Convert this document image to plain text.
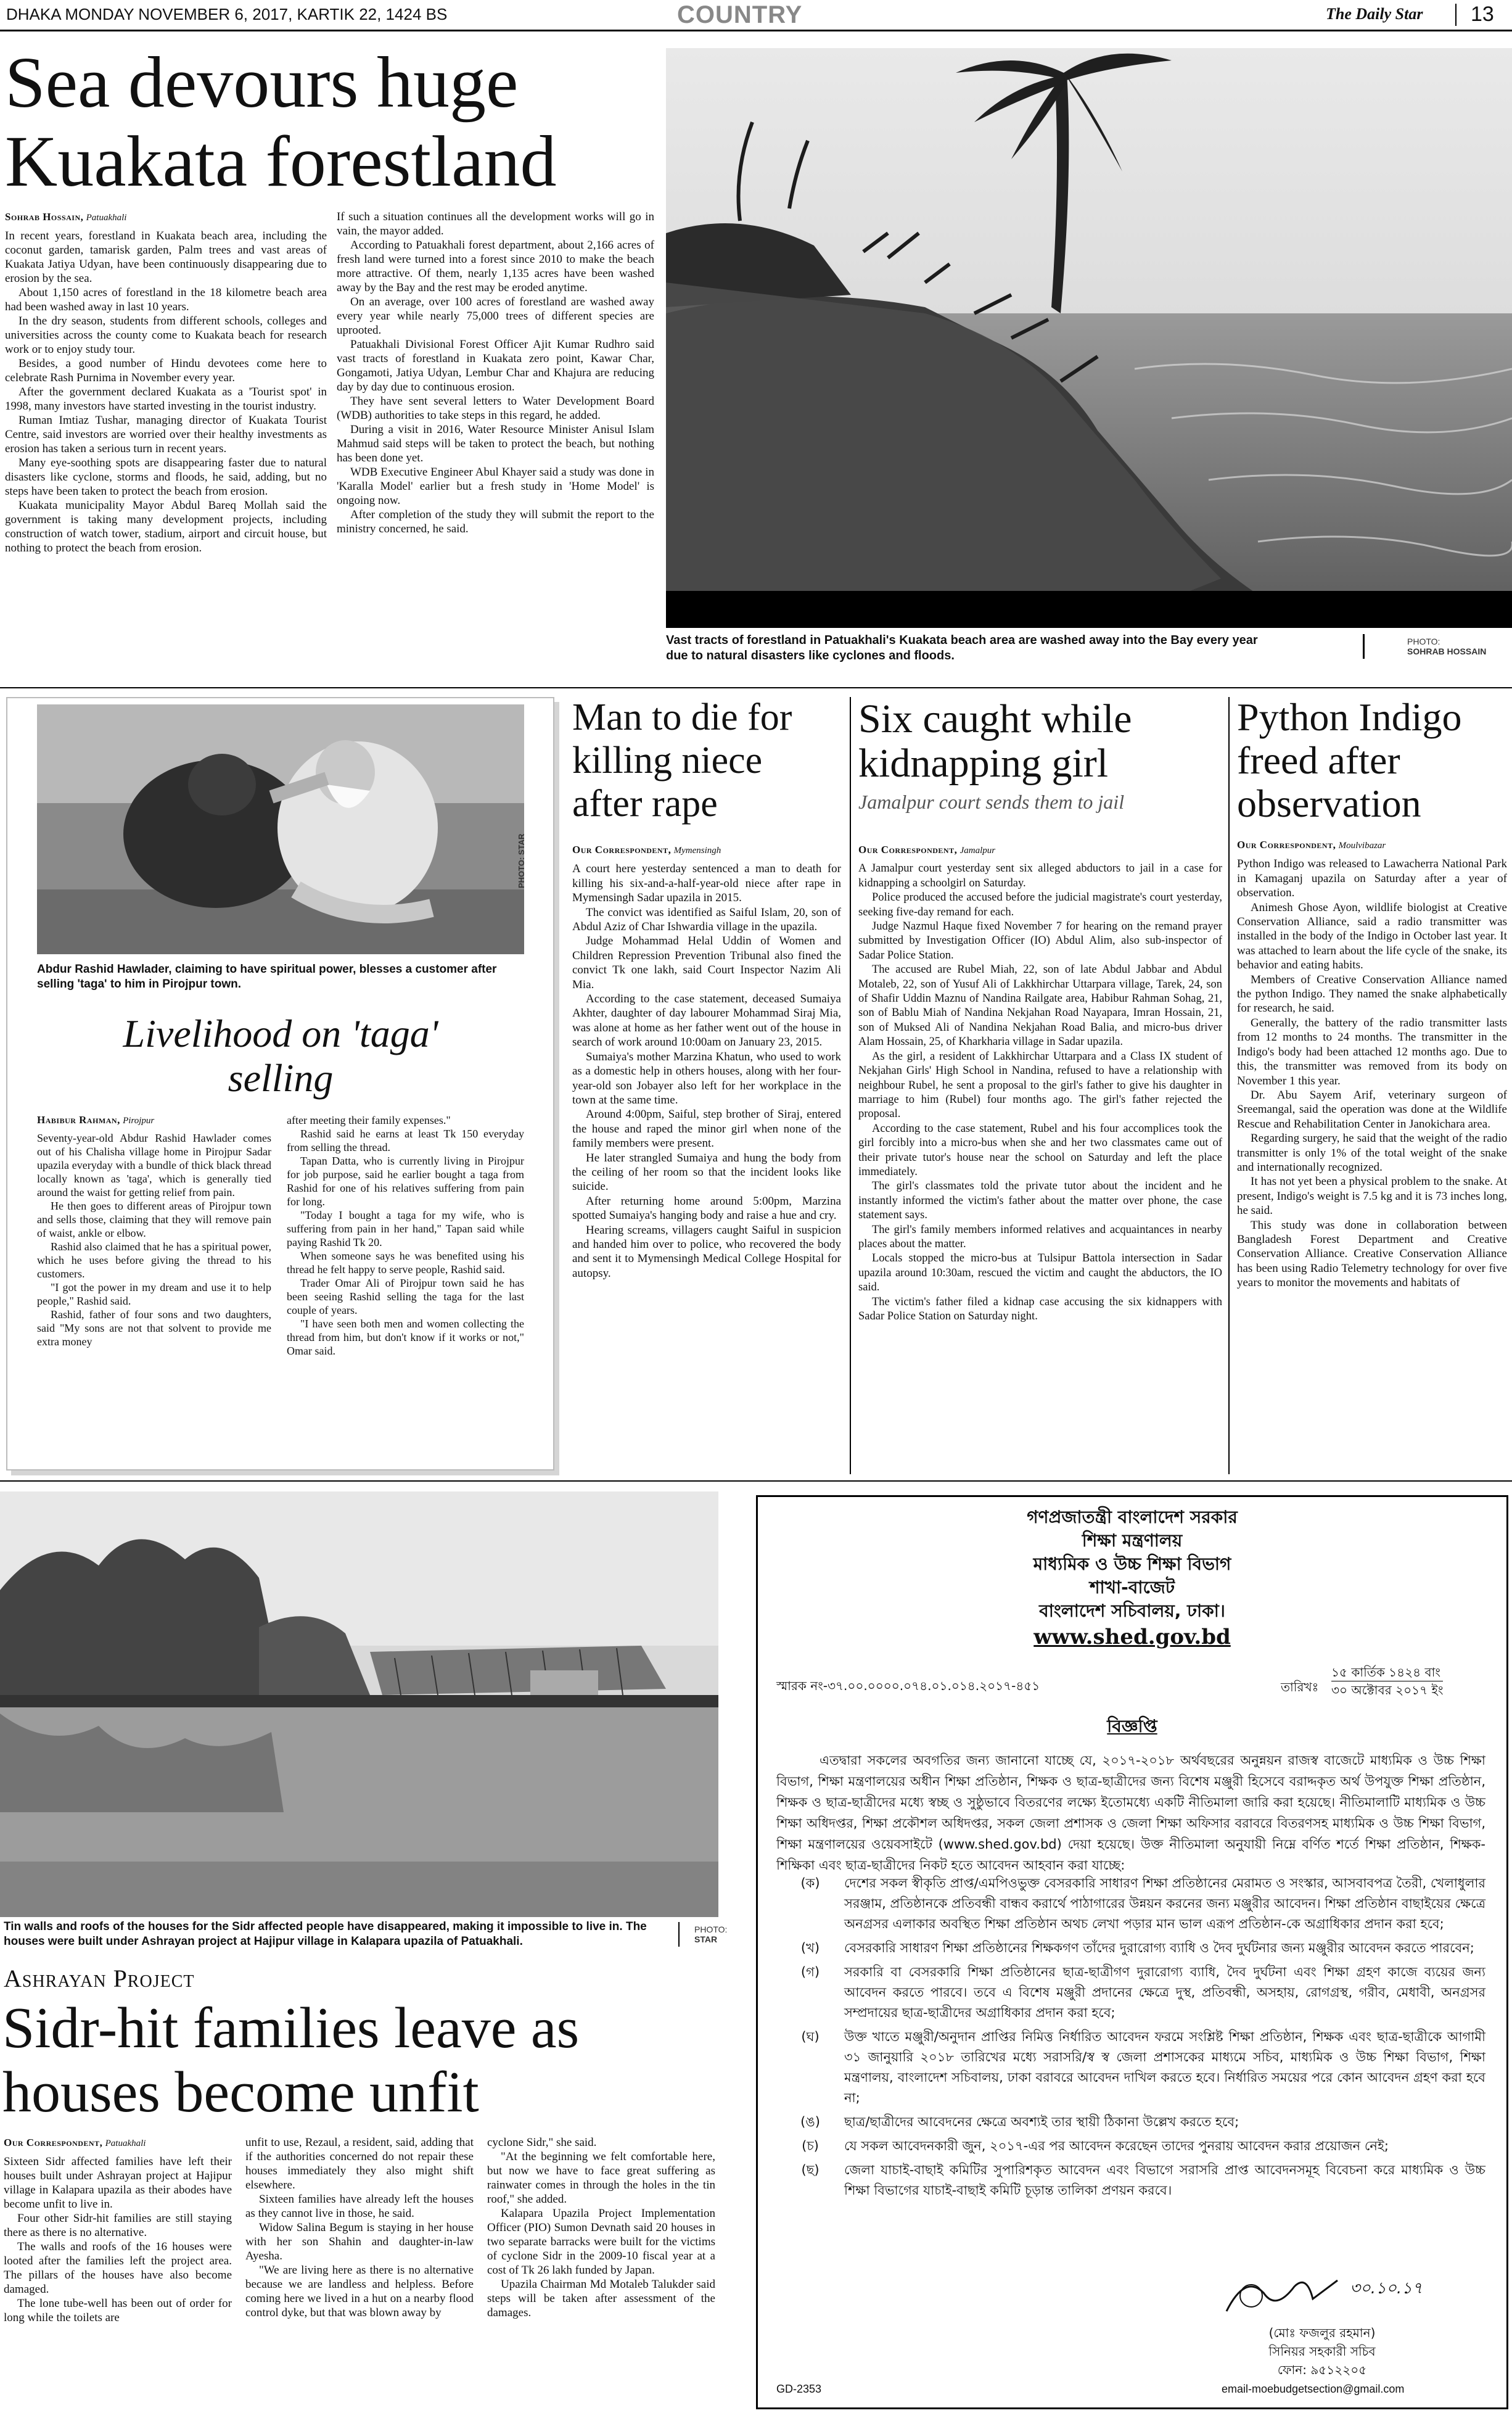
DHAKA MONDAY NOVEMBER 6, 2017, KARTIK 22, 1424 BS	COUNTRY	The Daily Star 13
Sea devours huge
Kuakata forestland
Sohrab Hossain, Patuakhali

In recent years, forestland in Kuakata beach area, including the coconut garden, tamarisk garden, Palm trees and vast areas of Kuakata Jatiya Udyan, have been continuously disappearing due to erosion by the sea.

About 1,150 acres of forestland in the 18 kilometre beach area had been washed away in last 10 years.

In the dry season, students from different schools, colleges and universities across the county come to Kuakata beach for research work or to enjoy study tour.

Besides, a good number of Hindu devotees come here to celebrate Rash Purnima in November every year.

After the government declared Kuakata as a 'Tourist spot' in 1998, many investors have started investing in the tourist industry.

Ruman Imtiaz Tushar, managing director of Kuakata Tourist Centre, said investors are worried over their healthy investments as erosion has taken a serious turn in recent years.

Many eye-soothing spots are disappearing faster due to natural disasters like cyclone, storms and floods, he said, adding, but no steps have been taken to protect the beach from erosion.

Kuakata municipality Mayor Abdul Bareq Mollah said the government is taking many development projects, including construction of watch tower, stadium, airport and circuit house, but nothing to protect the beach from erosion.

If such a situation continues all the development works will go in vain, the mayor added.

According to Patuakhali forest department, about 2,166 acres of fresh land were turned into a forest since 2010 to make the beach more attractive. Of them, nearly 1,135 acres have been washed away by the Bay and the rest may be eroded anytime.

On an average, over 100 acres of forestland are washed away every year while nearly 75,000 trees of different species are uprooted.

Patuakhali Divisional Forest Officer Ajit Kumar Rudhro said vast tracts of forestland in Kuakata zero point, Kawar Char, Gongamoti, Jatiya Udyan, Lembur Char and Khajura are reducing day by day due to continuous erosion.

They have sent several letters to Water Development Board (WDB) authorities to take steps in this regard, he added.

During a visit in 2016, Water Resource Minister Anisul Islam Mahmud said steps will be taken to protect the beach, but nothing has been done yet.

WDB Executive Engineer Abul Khayer said a study was done in 'Karalla Model' earlier but a fresh study in 'Home Model' is ongoing now.

After completion of the study they will submit the report to the ministry concerned, he said.

Vast tracts of forestland in Patuakhali's Kuakata beach area are washed away into the Bay every year due to natural disasters like cyclones and floods.
PHOTO:
SOHRAB HOSSAIN
PHOTO: STAR
Abdur Rashid Hawlader, claiming to have spiritual power, blesses a customer after selling 'taga' to him in Pirojpur town.
Livelihood on 'taga'
selling
Habibur Rahman, Pirojpur

Seventy-year-old Abdur Rashid Hawlader comes out of his Chalisha village home in Pirojpur Sadar upazila everyday with a bundle of thick black thread locally known as 'taga', which is generally tied around the waist for getting relief from pain.

He then goes to different areas of Pirojpur town and sells those, claiming that they will remove pain of waist, ankle or elbow.

Rashid also claimed that he has a spiritual power, which he uses before giving the thread to his customers.

"I got the power in my dream and use it to help people," Rashid said.

Rashid, father of four sons and two daughters, said "My sons are not that solvent to provide me extra money

after meeting their family expenses."

Rashid said he earns at least Tk 150 everyday from selling the thread.

Tapan Datta, who is currently living in Pirojpur for job purpose, said he earlier bought a taga from Rashid for one of his relatives suffering from pain for long.

"Today I bought a taga for my wife, who is suffering from pain in her hand," Tapan said while paying Rashid Tk 20.

When someone says he was benefited using his thread he felt happy to serve people, Rashid said.

Trader Omar Ali of Pirojpur town said he has been seeing Rashid selling the taga for the last couple of years.

"I have seen both men and women collecting the thread from him, but don't know if it works or not," Omar said.

Man to die for
killing niece
after rape
Our Correspondent, Mymensingh

A court here yesterday sentenced a man to death for killing his six-and-a-half-year-old niece after rape in Mymensingh Sadar upazila in 2015.

The convict was identified as Saiful Islam, 20, son of Abdul Aziz of Char Ishwardia village in the upazila.

Judge Mohammad Helal Uddin of Women and Children Repression Prevention Tribunal also fined the convict Tk one lakh, said Court Inspector Nazim Ali Mia.

According to the case statement, deceased Sumaiya Akhter, daughter of day labourer Mohammad Siraj Mia, was alone at home as her father went out of the house in search of work around 10:00am on January 23, 2015.

Sumaiya's mother Marzina Khatun, who used to work as a domestic help in others houses, along with her four-year-old son Jobayer also left for her workplace in the town at the same time.

Around 4:00pm, Saiful, step brother of Siraj, entered the house and raped the minor girl when none of the family members were present.

He later strangled Sumaiya and hung the body from the ceiling of her room so that the incident looks like suicide.

After returning home around 5:00pm, Marzina spotted Sumaiya's hanging body and raise a hue and cry.

Hearing screams, villagers caught Saiful in suspicion and handed him over to police, who recovered the body and sent it to Mymensingh Medical College Hospital for autopsy.

Six caught while
kidnapping girl
Jamalpur court sends them to jail
Our Correspondent, Jamalpur

A Jamalpur court yesterday sent six alleged abductors to jail in a case for kidnapping a schoolgirl on Saturday.

Police produced the accused before the judicial magistrate's court yesterday, seeking five-day remand for each.

Judge Nazmul Haque fixed November 7 for hearing on the remand prayer submitted by Investigation Officer (IO) Abdul Alim, also sub-inspector of Sadar Police Station.

The accused are Rubel Miah, 22, son of late Abdul Jabbar and Abdul Motaleb, 22, son of Yusuf Ali of Lakkhirchar Uttarpara village, Tarek, 24, son of Shafir Uddin Maznu of Nandina Railgate area, Habibur Rahman Sohag, 21, son of Bablu Miah of Nandina Nekjahan Road Nayapara, Imran Hossain, 21, son of Muksed Ali of Nandina Nekjahan Road Balia, and micro-bus driver Alam Hossain, 25, of Kharkharia village in Sadar upazila.

As the girl, a resident of Lakkhirchar Uttarpara and a Class IX student of Nekjahan Girls' High School in Nandina, refused to have a relationship with neighbour Rubel, he sent a proposal to the girl's father to give his daughter in marriage to him (Rubel) four months ago. The girl's father rejected the proposal.

According to the case statement, Rubel and his four accomplices took the girl forcibly into a micro-bus when she and her two classmates came out of their private tutor's house near the school on Saturday and left the place immediately.

The girl's classmates told the private tutor about the incident and he instantly informed the victim's father about the matter over phone, the case statement says.

The girl's family members informed relatives and acquaintances in nearby places about the matter.

Locals stopped the micro-bus at Tulsipur Battola intersection in Sadar upazila around 10:30am, rescued the victim and caught the abductors, the IO said.

The victim's father filed a kidnap case accusing the six kidnappers with Sadar Police Station on Saturday night.

Python Indigo
freed after
observation
Our Correspondent, Moulvibazar

Python Indigo was released to Lawacherra National Park in Kamaganj upazila on Saturday after a year of observation.

Animesh Ghose Ayon, wildlife biologist at Creative Conservation Alliance, said a radio transmitter was installed in the body of the Indigo in October last year. It was attached to learn about the life cycle of the snake, its behavior and eating habits.

Members of Creative Conservation Alliance named the python Indigo. They named the snake alphabetically for research, he said.

Generally, the battery of the radio transmitter lasts from 12 months to 24 months. The transmitter in the Indigo's body had been attached 12 months ago. Due to this, the transmitter was removed from its body on November 1 this year.

Dr. Abu Sayem Arif, veterinary surgeon of Sreemangal, said the operation was done at the Wildlife Rescue and Rehabilitation Center in Janokichara area.

Regarding surgery, he said that the weight of the radio transmitter is only 1% of the total weight of the snake and internationally recognized.

It has not yet been a physical problem to the snake. At present, Indigo's weight is 7.5 kg and it is 73 inches long, he said.

This study was done in collaboration between Bangladesh Forest Department and Creative Conservation Alliance. Creative Conservation Alliance has been using Radio Telemetry technology for over five years to monitor the movements and habitats of

Tin walls and roofs of the houses for the Sidr affected people have disappeared, making it impossible to live in. The houses were built under Ashrayan project at Hajipur village in Kalapara upazila of Patuakhali.
PHOTO:
STAR
Ashrayan Project
Sidr-hit families leave as
houses become unfit
Our Correspondent, Patuakhali

Sixteen Sidr affected families have left their houses built under Ashrayan project at Hajipur village in Kalapara upazila as their abodes have become unfit to live in.

Four other Sidr-hit families are still staying there as there is no alternative.

The walls and roofs of the 16 houses were looted after the families left the project area. The pillars of the houses have also become damaged.

The lone tube-well has been out of order for long while the toilets are

unfit to use, Rezaul, a resident, said, adding that if the authorities concerned do not repair these houses immediately they also might shift elsewhere.

Sixteen families have already left the houses as they cannot live in those, he said.

Widow Salina Begum is staying in her house with her son Shahin and daughter-in-law Ayesha.

"We are living here as there is no alternative because we are landless and helpless. Before coming here we lived in a hut on a nearby flood control dyke, but that was blown away by

cyclone Sidr," she said.

"At the beginning we felt comfortable here, but now we have to face great suffering as rainwater comes in through the holes in the tin roof," she added.

Kalapara Upazila Project Implementation Officer (PIO) Sumon Devnath said 20 houses in two separate barracks were built for the victims of cyclone Sidr in the 2009-10 fiscal year at a cost of Tk 26 lakh funded by Japan.

Upazila Chairman Md Motaleb Talukder said steps will be taken after assessment of the damages.

গণপ্রজাতন্ত্রী বাংলাদেশ সরকার
শিক্ষা মন্ত্রণালয়
মাধ্যমিক ও উচ্চ শিক্ষা বিভাগ
শাখা-বাজেট
বাংলাদেশ সচিবালয়, ঢাকা।
www.shed.gov.bd
স্মারক নং-৩৭.০০.০০০০.০৭৪.০১.০১৪.২০১৭-৪৫১	তারিখঃ
১৫ কার্তিক ১৪২৪ বাং
৩০ অক্টোবর ২০১৭ ইং
বিজ্ঞপ্তি
এতদ্বারা সকলের অবগতির জন্য জানানো যাচ্ছে যে, ২০১৭-২০১৮ অর্থবছরের অনুন্নয়ন রাজস্ব বাজেটে মাধ্যমিক ও উচ্চ শিক্ষা বিভাগ, শিক্ষা মন্ত্রণালয়ের অধীন শিক্ষা প্রতিষ্ঠান, শিক্ষক ও ছাত্র-ছাত্রীদের জন্য বিশেষ মঞ্জুরী হিসেবে বরাদ্দকৃত অর্থ উপযুক্ত শিক্ষা প্রতিষ্ঠান, শিক্ষক ও ছাত্র-ছাত্রীদের মধ্যে স্বচ্ছ ও সুষ্ঠুভাবে বিতরণের লক্ষ্যে ইতোমধ্যে একটি নীতিমালা জারি করা হয়েছে। নীতিমালাটি মাধ্যমিক ও উচ্চ শিক্ষা অধিদপ্তর, শিক্ষা প্রকৌশল অধিদপ্তর, সকল জেলা প্রশাসক ও জেলা শিক্ষা অফিসার বরাবরে বিতরণসহ মাধ্যমিক ও উচ্চ শিক্ষা বিভাগ, শিক্ষা মন্ত্রণালয়ের ওয়েবসাইটে (www.shed.gov.bd) দেয়া হয়েছে। উক্ত নীতিমালা অনুযায়ী নিম্নে বর্ণিত শর্তে শিক্ষা প্রতিষ্ঠান, শিক্ষক-শিক্ষিকা এবং ছাত্র-ছাত্রীদের নিকট হতে আবেদন আহবান করা যাচ্ছে:
(ক)	দেশের সকল স্বীকৃতি প্রাপ্ত/এমপিওভুক্ত বেসরকারি সাধারণ শিক্ষা প্রতিষ্ঠানের মেরামত ও সংস্কার, আসবাবপত্র তৈরী, খেলাধুলার সরঞ্জাম, প্রতিষ্ঠানকে প্রতিবন্ধী বান্ধব করার্থে পাঠাগারের উন্নয়ন করনের জন্য মঞ্জুরীর আবেদন। শিক্ষা প্রতিষ্ঠান বাছাইয়ের ক্ষেত্রে অনগ্রসর এলাকার অবস্থিত শিক্ষা প্রতিষ্ঠান অথচ লেখা পড়ার মান ভাল এরূপ প্রতিষ্ঠান-কে অগ্রাধিকার প্রদান করা হবে;
(খ)	বেসরকারি সাধারণ শিক্ষা প্রতিষ্ঠানের শিক্ষকগণ তাঁদের দুরারোগ্য ব্যাধি ও দৈব দুর্ঘটনার জন্য মঞ্জুরীর আবেদন করতে পারবেন;
(গ)	সরকারি বা বেসরকারি শিক্ষা প্রতিষ্ঠানের ছাত্র-ছাত্রীগণ দুরারোগ্য ব্যাধি, দৈব দুর্ঘটনা এবং শিক্ষা গ্রহণ কাজে ব্যয়ের জন্য আবেদন করতে পারবে। তবে এ বিশেষ মঞ্জুরী প্রদানের ক্ষেত্রে দুস্থ, প্রতিবন্ধী, অসহায়, রোগগ্রস্থ, গরীব, মেধাবী, অনগ্রসর সম্প্রদায়ের ছাত্র-ছাত্রীদের অগ্রাধিকার প্রদান করা হবে;
(ঘ)	উক্ত খাতে মঞ্জুরী/অনুদান প্রাপ্তির নিমিত্ত নির্ধারিত আবেদন ফরমে সংশ্লিষ্ট শিক্ষা প্রতিষ্ঠান, শিক্ষক এবং ছাত্র-ছাত্রীকে আগামী ৩১ জানুয়ারি ২০১৮ তারিখের মধ্যে সরাসরি/স্ব স্ব জেলা প্রশাসকের মাধ্যমে সচিব, মাধ্যমিক ও উচ্চ শিক্ষা বিভাগ, শিক্ষা মন্ত্রণালয়, বাংলাদেশ সচিবালয়, ঢাকা বরাবরে আবেদন দাখিল করতে হবে। নির্ধারিত সময়ের পরে কোন আবেদন গ্রহণ করা হবে না;
(ঙ)	ছাত্র/ছাত্রীদের আবেদনের ক্ষেত্রে অবশ্যই তার স্থায়ী ঠিকানা উল্লেখ করতে হবে;
(চ)	যে সকল আবেদনকারী জুন, ২০১৭-এর পর আবেদন করেছেন তাদের পুনরায় আবেদন করার প্রয়োজন নেই;
(ছ)	জেলা যাচাই-বাছাই কমিটির সুপারিশকৃত আবেদন এবং বিভাগে সরাসরি প্রাপ্ত আবেদনসমূহ বিবেচনা করে মাধ্যমিক ও উচ্চ শিক্ষা বিভাগের যাচাই-বাছাই কমিটি চূড়ান্ত তালিকা প্রণয়ন করবে।
৩০.১০.১৭
(মোঃ ফজলুর রহমান)
সিনিয়র সহকারী সচিব
ফোন: ৯৫১২২০৫
GD-2353	email-moebudgetsection@gmail.com
